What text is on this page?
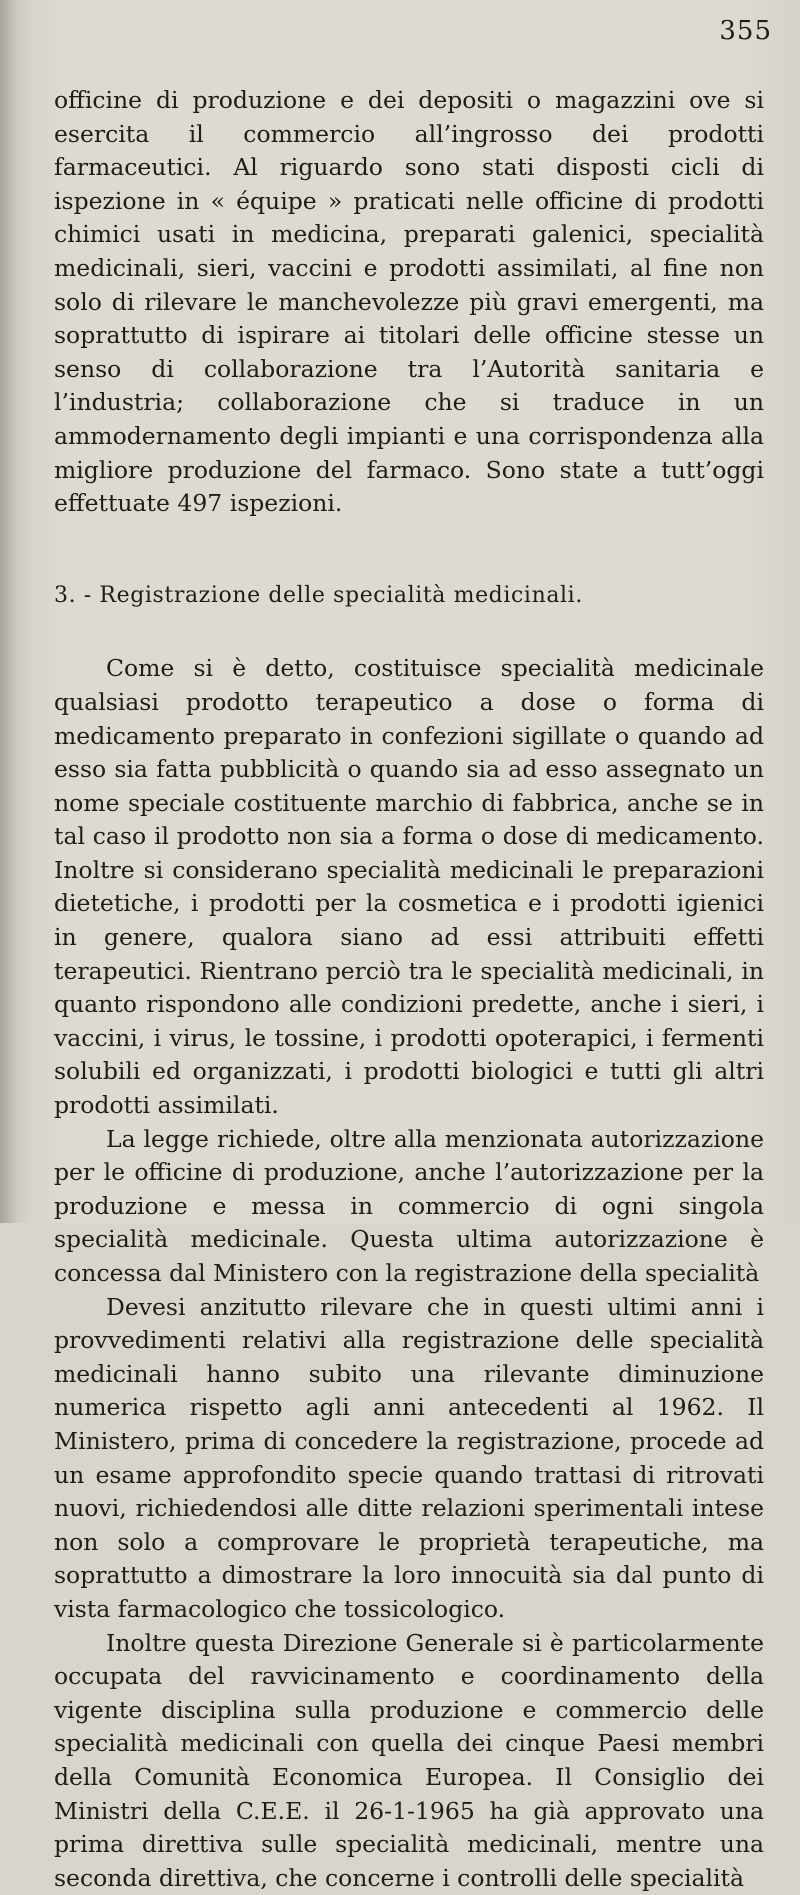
355

officine di produzione e dei depositi o magazzini ove si esercita il commercio all’ingrosso dei prodotti farmaceutici. Al riguardo sono stati disposti cicli di ispezione in « équipe » praticati nelle officine di prodotti chimici usati in medicina, preparati galenici, specialità medicinali, sieri, vaccini e prodotti assimilati, al fine non solo di rilevare le manchevolezze più gravi emergenti, ma soprattutto di ispirare ai titolari delle officine stesse un senso di collaborazione tra l’Autorità sanitaria e l’industria; collaborazione che si traduce in un ammodernamento degli impianti e una corrispondenza alla migliore produzione del farmaco. Sono state a tutt’oggi effettuate 497 ispezioni.

3. - Registrazione delle specialità medicinali.

Come si è detto, costituisce specialità medicinale qualsiasi prodotto terapeutico a dose o forma di medicamento preparato in confezioni sigillate o quando ad esso sia fatta pubblicità o quando sia ad esso assegnato un nome speciale costituente marchio di fabbrica, anche se in tal caso il prodotto non sia a forma o dose di medicamento. Inoltre si considerano specialità medicinali le preparazioni dietetiche, i prodotti per la cosmetica e i prodotti igienici in genere, qualora siano ad essi attribuiti effetti terapeutici. Rientrano perciò tra le specialità medicinali, in quanto rispondono alle condizioni predette, anche i sieri, i vaccini, i virus, le tossine, i prodotti opoterapici, i fermenti solubili ed organizzati, i prodotti biologici e tutti gli altri prodotti assimilati.

La legge richiede, oltre alla menzionata autorizzazione per le officine di produzione, anche l’autorizzazione per la produzione e messa in commercio di ogni singola specialità medicinale. Questa ultima autorizzazione è concessa dal Ministero con la registrazione della specialità

Devesi anzitutto rilevare che in questi ultimi anni i provvedimenti relativi alla registrazione delle specialità medicinali hanno subito una rilevante diminuzione numerica rispetto agli anni antecedenti al 1962. Il Ministero, prima di concedere la registrazione, procede ad un esame approfondito specie quando trattasi di ritrovati nuovi, richiedendosi alle ditte relazioni sperimentali intese non solo a comprovare le proprietà terapeutiche, ma soprattutto a dimostrare la loro innocuità sia dal punto di vista farmacologico che tossicologico.

Inoltre questa Direzione Generale si è particolarmente occupata del ravvicinamento e coordinamento della vigente disciplina sulla produzione e commercio delle specialità medicinali con quella dei cinque Paesi membri della Comunità Economica Europea. Il Consiglio dei Ministri della C.E.E. il 26-1-1965 ha già approvato una prima direttiva sulle specialità medicinali, mentre una seconda direttiva, che concerne i controlli delle specialità
